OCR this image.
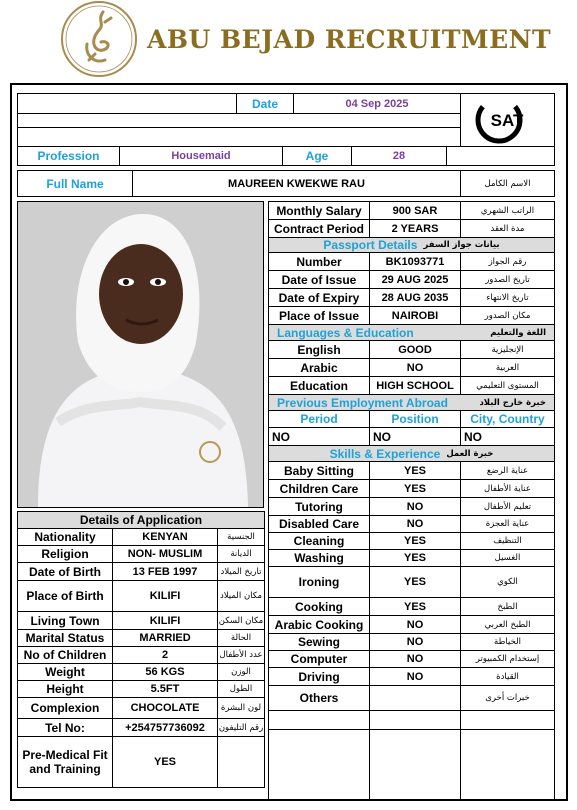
ABU BEJAD RECRUITMENT
Date	04 Sep 2025
SAT
Profession	Housemaid	Age	28
Full Name	MAUREEN KWEKWE RAU	الاسم الكامل
Details of Application
Nationality	KENYAN	الجنسية
Religion	NON- MUSLIM	الديانة
Date of Birth	13 FEB 1997	تاريخ الميلاد
Place of Birth	KILIFI	مكان الميلاد
Living Town	KILIFI	مكان السكن
Marital Status	MARRIED	الحالة
No of Children	2	عدد الأطفال
Weight	56 KGS	الوزن
Height	5.5FT	الطول
Complexion	CHOCOLATE	لون البشرة
Tel No:	+254757736092	رقم التليفون
Pre-Medical Fit and Training	YES
Monthly Salary	900 SAR	الراتب الشهري
Contract Period	2 YEARS	مدة العقد
Passport Details بيانات جواز السفر
Number	BK1093771	رقم الجواز
Date of Issue	29 AUG 2025	تاريخ الصدور
Date of Expiry	28 AUG 2035	تاريخ الانتهاء
Place of Issue	NAIROBI	مكان الصدور
Languages & Education	اللغة والتعليم
English	GOOD	الإنجليزية
Arabic	NO	العربية
Education	HIGH SCHOOL	المستوى التعليمي
Previous Employment Abroad	خبرة خارج البلاد
Period	Position	City, Country
NO	NO	NO
Skills & Experience خبرة العمل
Baby Sitting	YES	عناية الرضع
Children Care	YES	عناية الأطفال
Tutoring	NO	تعليم الأطفال
Disabled Care	NO	عناية العجزة
Cleaning	YES	التنظيف
Washing	YES	الغسيل
Ironing	YES	الكوي
Cooking	YES	الطبخ
Arabic Cooking	NO	الطبخ العربي
Sewing	NO	الخياطة
Computer	NO	إستخدام الكمبيوتر
Driving	NO	القيادة
Others	خبرات أخرى
